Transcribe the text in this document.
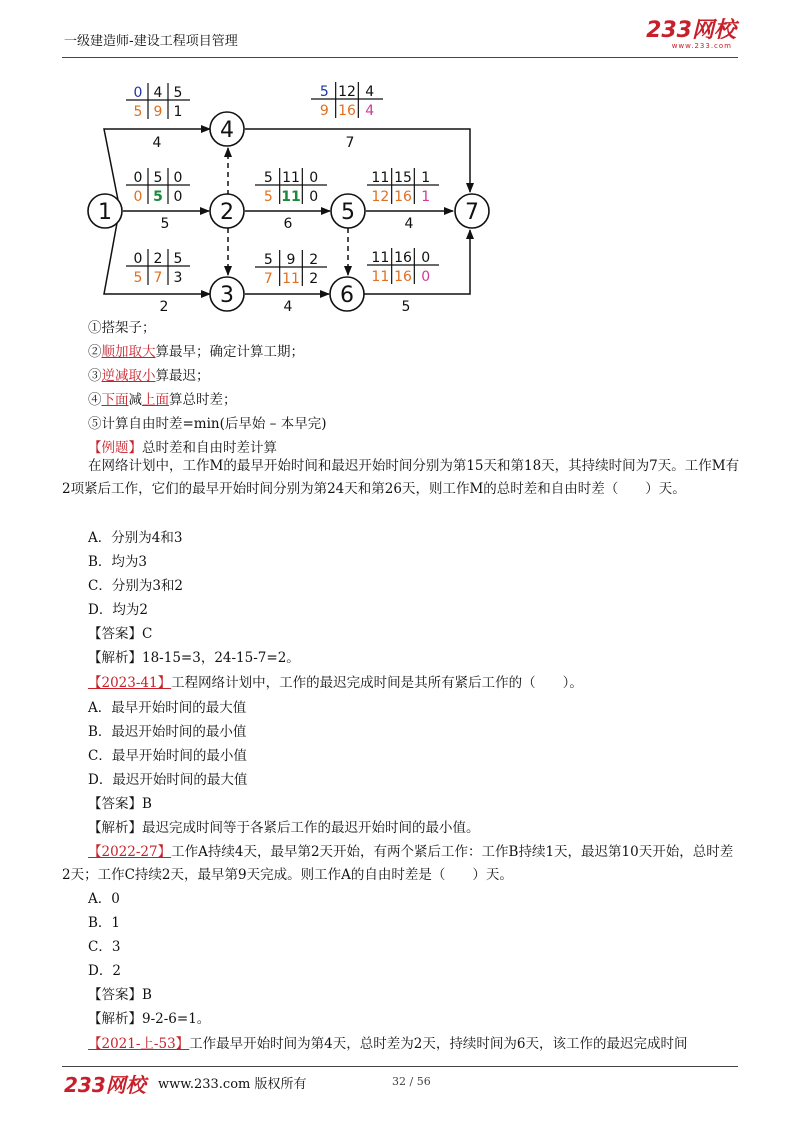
一级建造师-建设工程项目管理	233网校
www.233.com
1	2
3
4
5
6
7
5
4
2
6
7
4
4
5
0 4 5
5 9 1
5 12 4
9 16 4
0 5 0
0 5 0
5 11 0
5 11 0
11 15 1
12 16 1
0 2 5
5 7 3
5 9 2
7 11 2
11 16 0
11 16 0
①搭架子；
②顺加取大算最早；确定计算工期；
③逆减取小算最迟；
④下面减上面算总时差；
⑤计算自由时差=min(后早始 – 本早完)
【例题】总时差和自由时差计算
在网络计划中，工作M的最早开始时间和最迟开始时间分别为第15天和第18天，其持续时间为7天。工作M有2项紧后工作，它们的最早开始时间分别为第24天和第26天，则工作M的总时差和自由时差（　　）天。
A．分别为4和3
B．均为3
C．分别为3和2
D．均为2
【答案】C
【解析】18-15=3，24-15-7=2。
【2023-41】工程网络计划中，工作的最迟完成时间是其所有紧后工作的（　　）。
A．最早开始时间的最大值
B．最迟开始时间的最小值
C．最早开始时间的最小值
D．最迟开始时间的最大值
【答案】B
【解析】最迟完成时间等于各紧后工作的最迟开始时间的最小值。
【2022-27】工作A持续4天，最早第2天开始，有两个紧后工作：工作B持续1天，最迟第10天开始，总时差2天；工作C持续2天，最早第9天完成。则工作A的自由时差是（　　）天。
A．0
B．1
C．3
D．2
【答案】B
【解析】9-2-6=1。
【2021-上-53】工作最早开始时间为第4天，总时差为2天，持续时间为6天，该工作的最迟完成时间
233网校 www.233.com 版权所有	32 / 56
